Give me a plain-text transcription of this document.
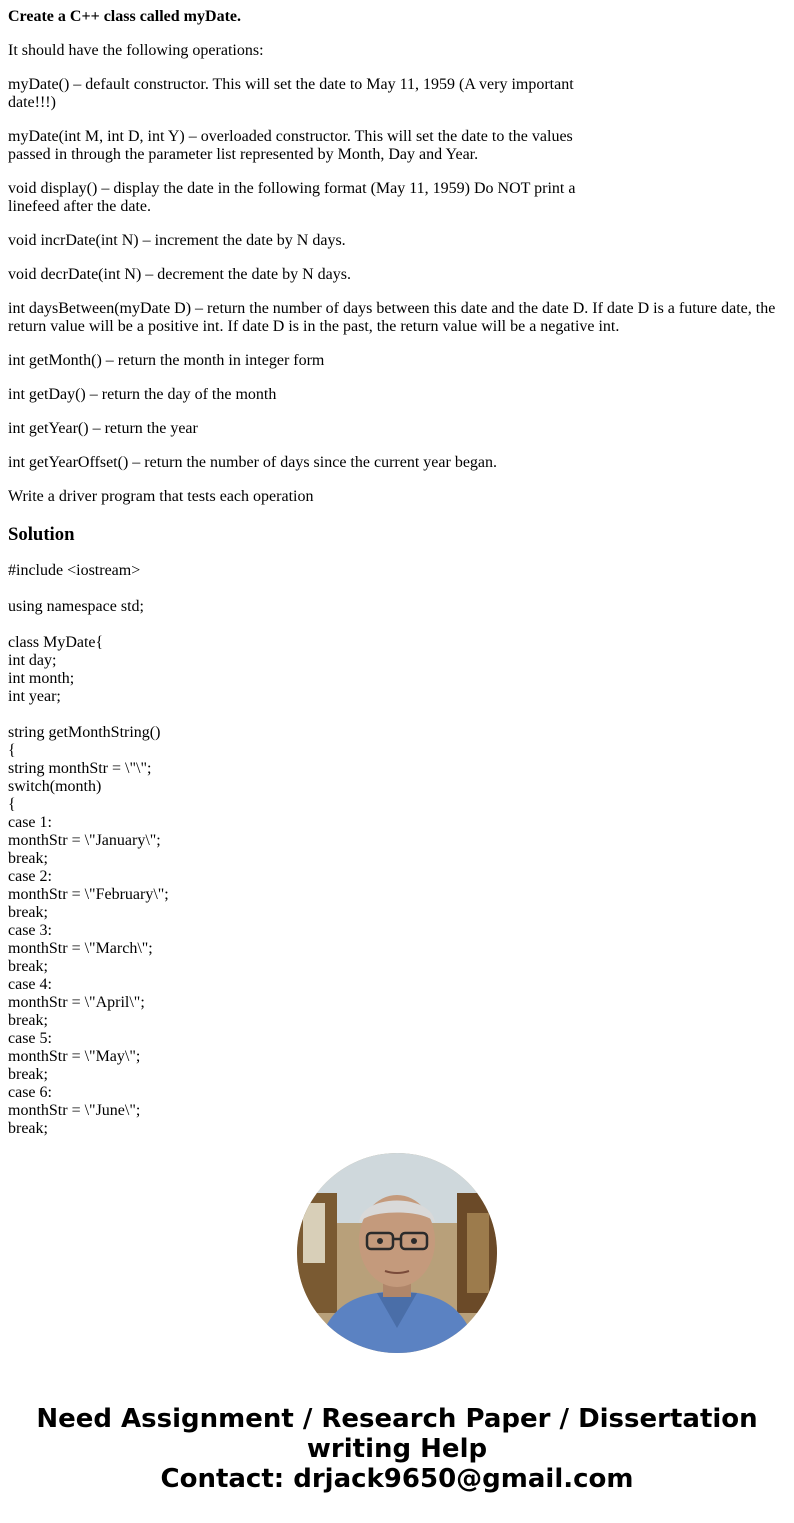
Create a C++ class called myDate.

It should have the following operations:

myDate() – default constructor. This will set the date to May 11, 1959 (A very important date!!!)

myDate(int M, int D, int Y) – overloaded constructor. This will set the date to the values passed in through the parameter list represented by Month, Day and Year.

void display() – display the date in the following format (May 11, 1959) Do NOT print a linefeed after the date.

void incrDate(int N) – increment the date by N days.

void decrDate(int N) – decrement the date by N days.

int daysBetween(myDate D) – return the number of days between this date and the date D. If date D is a future date, the return value will be a positive int. If date D is in the past, the return value will be a negative int.

int getMonth() – return the month in integer form

int getDay() – return the day of the month

int getYear() – return the year

int getYearOffset() – return the number of days since the current year began.

Write a driver program that tests each operation

Solution
#include <iostream>
using namespace std;
class MyDate{
int day;
int month;
int year;
string getMonthString()
{
string monthStr = \"\";
switch(month)
{
case 1:
monthStr = \"January\";
break;
case 2:
monthStr = \"February\";
break;
case 3:
monthStr = \"March\";
break;
case 4:
monthStr = \"April\";
break;
case 5:
monthStr = \"May\";
break;
case 6:
monthStr = \"June\";
break;
Need Assignment / Research Paper / Dissertation
writing Help
Contact: drjack9650@gmail.com
